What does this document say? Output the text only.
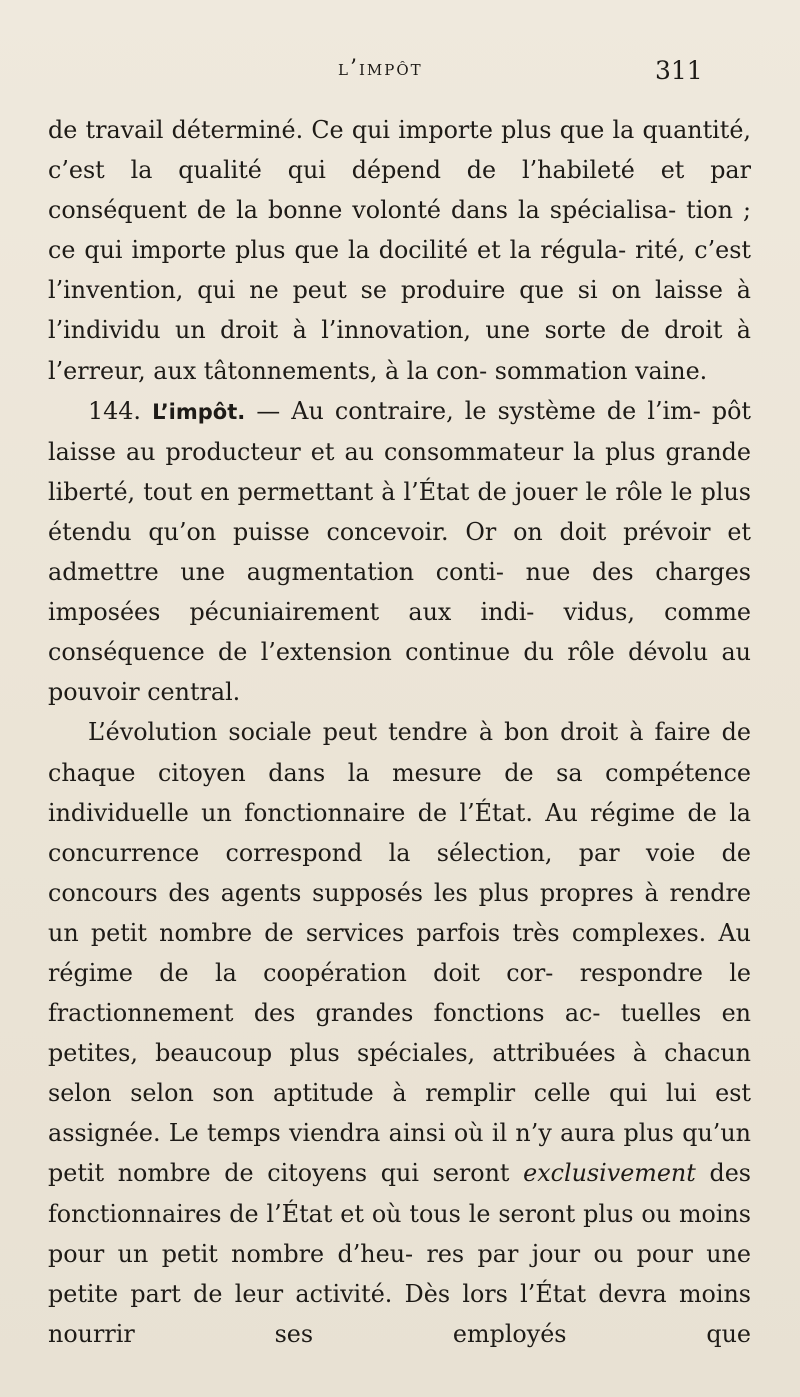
l’impôt	311

de travail déterminé. Ce qui importe plus que la quantité, c’est la qualité qui dépend de l’habileté et par conséquent de la bonne volonté dans la spécialisa- tion ; ce qui importe plus que la docilité et la régula- rité, c’est l’invention, qui ne peut se produire que si on laisse à l’individu un droit à l’innovation, une sorte de droit à l’erreur, aux tâtonnements, à la con- sommation vaine.

144. L’impôt. — Au contraire, le système de l’im- pôt laisse au producteur et au consommateur la plus grande liberté, tout en permettant à l’État de jouer le rôle le plus étendu qu’on puisse concevoir. Or on doit prévoir et admettre une augmentation conti- nue des charges imposées pécuniairement aux indi- vidus, comme conséquence de l’extension continue du rôle dévolu au pouvoir central.

L’évolution sociale peut tendre à bon droit à faire de chaque citoyen dans la mesure de sa compétence individuelle un fonctionnaire de l’État. Au régime de la concurrence correspond la sélection, par voie de concours des agents supposés les plus propres à rendre un petit nombre de services parfois très complexes. Au régime de la coopération doit cor- respondre le fractionnement des grandes fonctions ac- tuelles en petites, beaucoup plus spéciales, attribuées à chacun selon selon son aptitude à remplir celle qui lui est assignée. Le temps viendra ainsi où il n’y aura plus qu’un petit nombre de citoyens qui seront exclusivement des fonctionnaires de l’État et où tous le seront plus ou moins pour un petit nombre d’heu- res par jour ou pour une petite part de leur activité. Dès lors l’État devra moins nourrir ses employés que
